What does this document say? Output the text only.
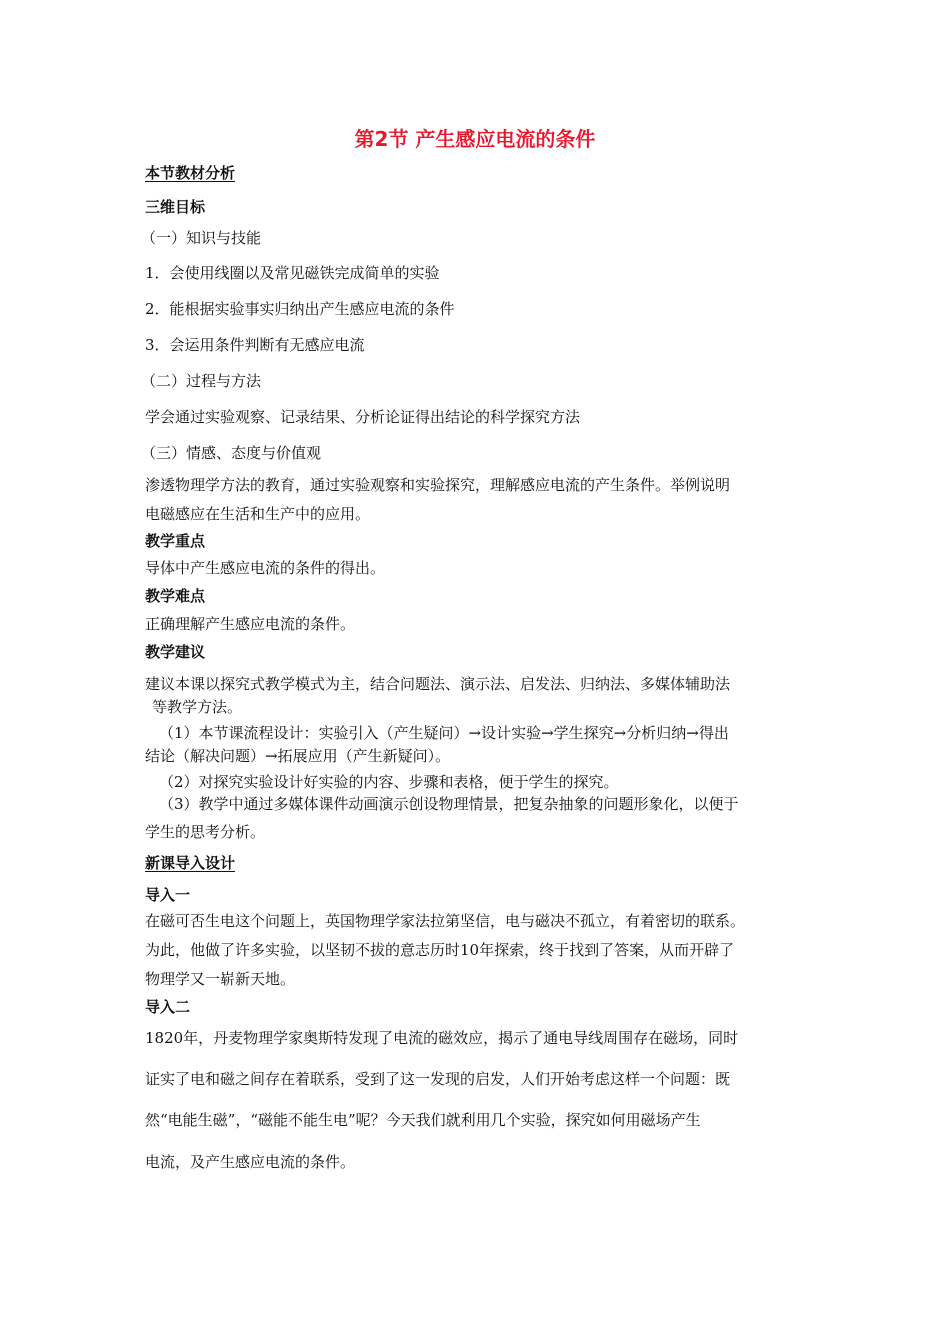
第2节 产生感应电流的条件
本节教材分析
三维目标
（一）知识与技能
1．会使用线圈以及常见磁铁完成简单的实验
2．能根据实验事实归纳出产生感应电流的条件
3．会运用条件判断有无感应电流
（二）过程与方法
学会通过实验观察、记录结果、分析论证得出结论的科学探究方法
（三）情感、态度与价值观
渗透物理学方法的教育，通过实验观察和实验探究，理解感应电流的产生条件。举例说明
电磁感应在生活和生产中的应用。
教学重点
导体中产生感应电流的条件的得出。
教学难点
正确理解产生感应电流的条件。
教学建议
建议本课以探究式教学模式为主，结合问题法、演示法、启发法、归纳法、多媒体辅助法
等教学方法。
（1）本节课流程设计：实验引入（产生疑问）→设计实验→学生探究→分析归纳→得出
结论（解决问题）→拓展应用（产生新疑问）。
（2）对探究实验设计好实验的内容、步骤和表格，便于学生的探究。
（3）教学中通过多媒体课件动画演示创设物理情景，把复杂抽象的问题形象化，以便于
学生的思考分析。
新课导入设计
导入一
在磁可否生电这个问题上，英国物理学家法拉第坚信，电与磁决不孤立，有着密切的联系。
为此，他做了许多实验，以坚韧不拔的意志历时10年探索，终于找到了答案，从而开辟了
物理学又一崭新天地。
导入二
1820年，丹麦物理学家奥斯特发现了电流的磁效应，揭示了通电导线周围存在磁场，同时
证实了电和磁之间存在着联系，受到了这一发现的启发，人们开始考虑这样一个问题：既
然“电能生磁”，“磁能不能生电”呢？今天我们就利用几个实验，探究如何用磁场产生
电流，及产生感应电流的条件。
